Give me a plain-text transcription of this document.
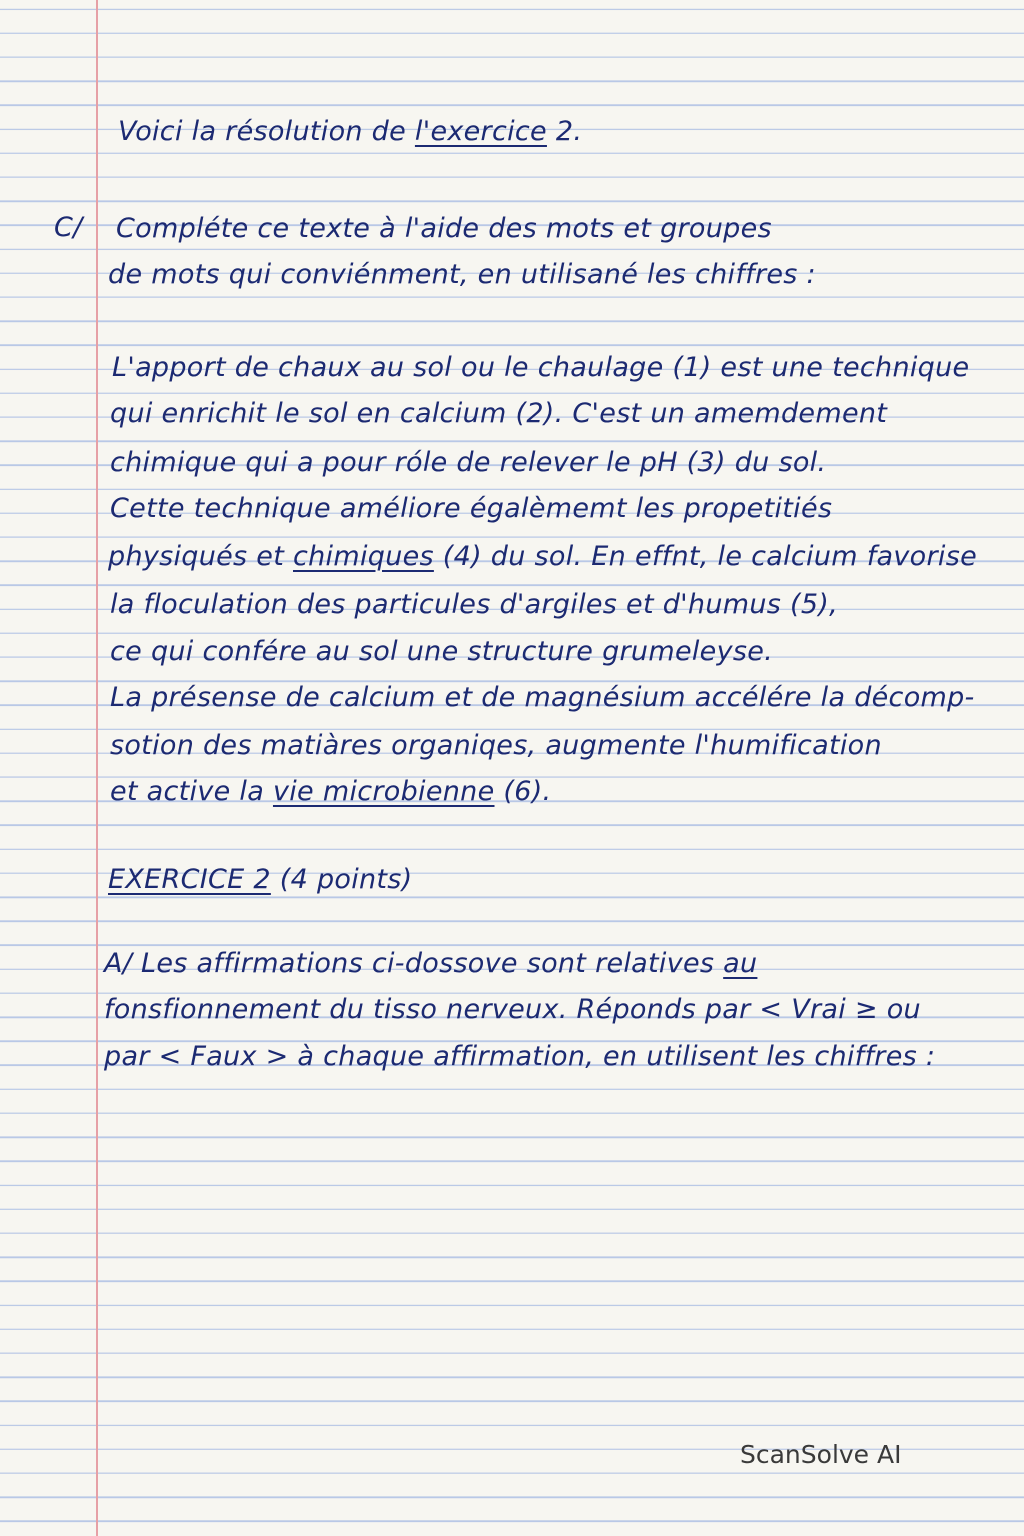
Voici la résolution de l'exercice 2.
C/ Compléte ce texte à l'aide des mots et groupes
de mots qui conviénment, en utilisané les chiffres :
L'apport de chaux au sol ou le chaulage (1) est une technique
qui enrichit le sol en calcium (2). C'est un amemdement
chimique qui a pour róle de relever le pH (3) du sol.
Cette technique améliore égalèmemt les propetitiés
physiqués et chimiques (4) du sol. En effnt, le calcium favorise
la floculation des particules d'argiles et d'humus (5),
ce qui confére au sol une structure grumeleyse.
La présense de calcium et de magnésium accélére la décomp-
sotion des matiàres organiqes, augmente l'humification
et active la vie microbienne (6).
EXERCICE 2 (4 points)
A/ Les affirmations ci-dossove sont relatives au
fonsfionnement du tisso nerveux. Réponds par < Vrai ≥ ou
par < Faux > à chaque affirmation, en utilisent les chiffres :
ScanSolve AI
